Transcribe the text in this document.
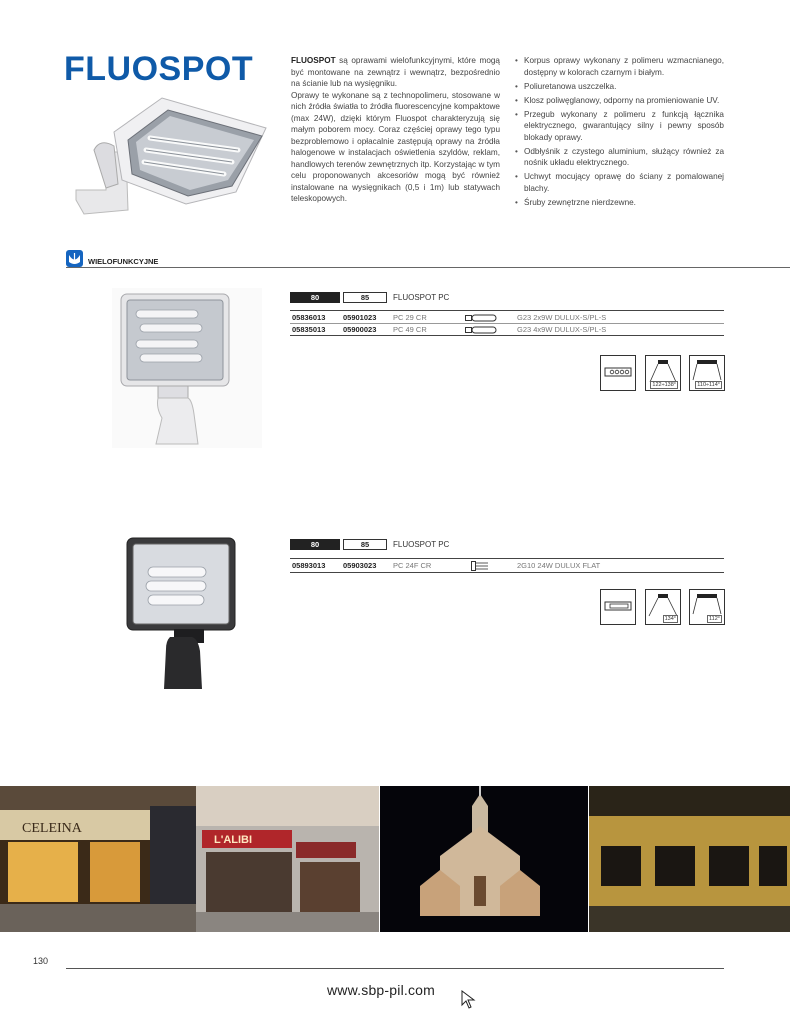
FLUOSPOT	FLUOSPOT są oprawami wielofunkcyjnymi, które mogą być montowane na zewnątrz i wewnątrz, bezpośrednio na ścianie lub na wysięgniku.

Oprawy te wykonane są z technopolimeru, stosowane w nich źródła światła to źródła fluorescencyjne kompaktowe (max 24W), dzięki którym Fluospot charakteryzują się małym poborem mocy. Coraz częściej oprawy tego typu bezproblemowo i opłacalnie zastępują oprawy na źródła halogenowe w instalacjach oświetlenia szyldów, reklam, handlowych terenów zewnętrznych itp. Korzystając w tym celu proponowanych akcesoriów mogą być również instalowane na wysięgnikach (0,5 i 1m) lub statywach teleskopowych.

• Korpus oprawy wykonany z polimeru wzmacnianego, dostępny w kolorach czarnym i białym.
• Poliuretanowa uszczelka.
• Klosz poliwęglanowy, odporny na promieniowanie UV.
• Przegub wykonany z polimeru z funkcją łącznika elektrycznego, gwarantujący silny i pewny sposób blokady oprawy.
• Odbłyśnik z czystego aluminium, służący również za nośnik układu elektrycznego.
• Uchwyt mocujący oprawę do ściany z pomalowanej blachy.
• Śruby zewnętrzne nierdzewne.
WIELOFUNKCYJNE
80	85	FLUOSPOT PC
05836013 05901023 PC 29 CR	G23 2x9W DULUX-S/PL-S
05835013 05900023 PC 49 CR	G23 4x9W DULUX-S/PL-S
122÷138°	110÷114°
80	85	FLUOSPOT PC
05893013 05903023 PC 24F CR	2G10 24W DULUX FLAT
134°	112°
CELEINA
L'ALIBI
130
www.sbp-pil.com
